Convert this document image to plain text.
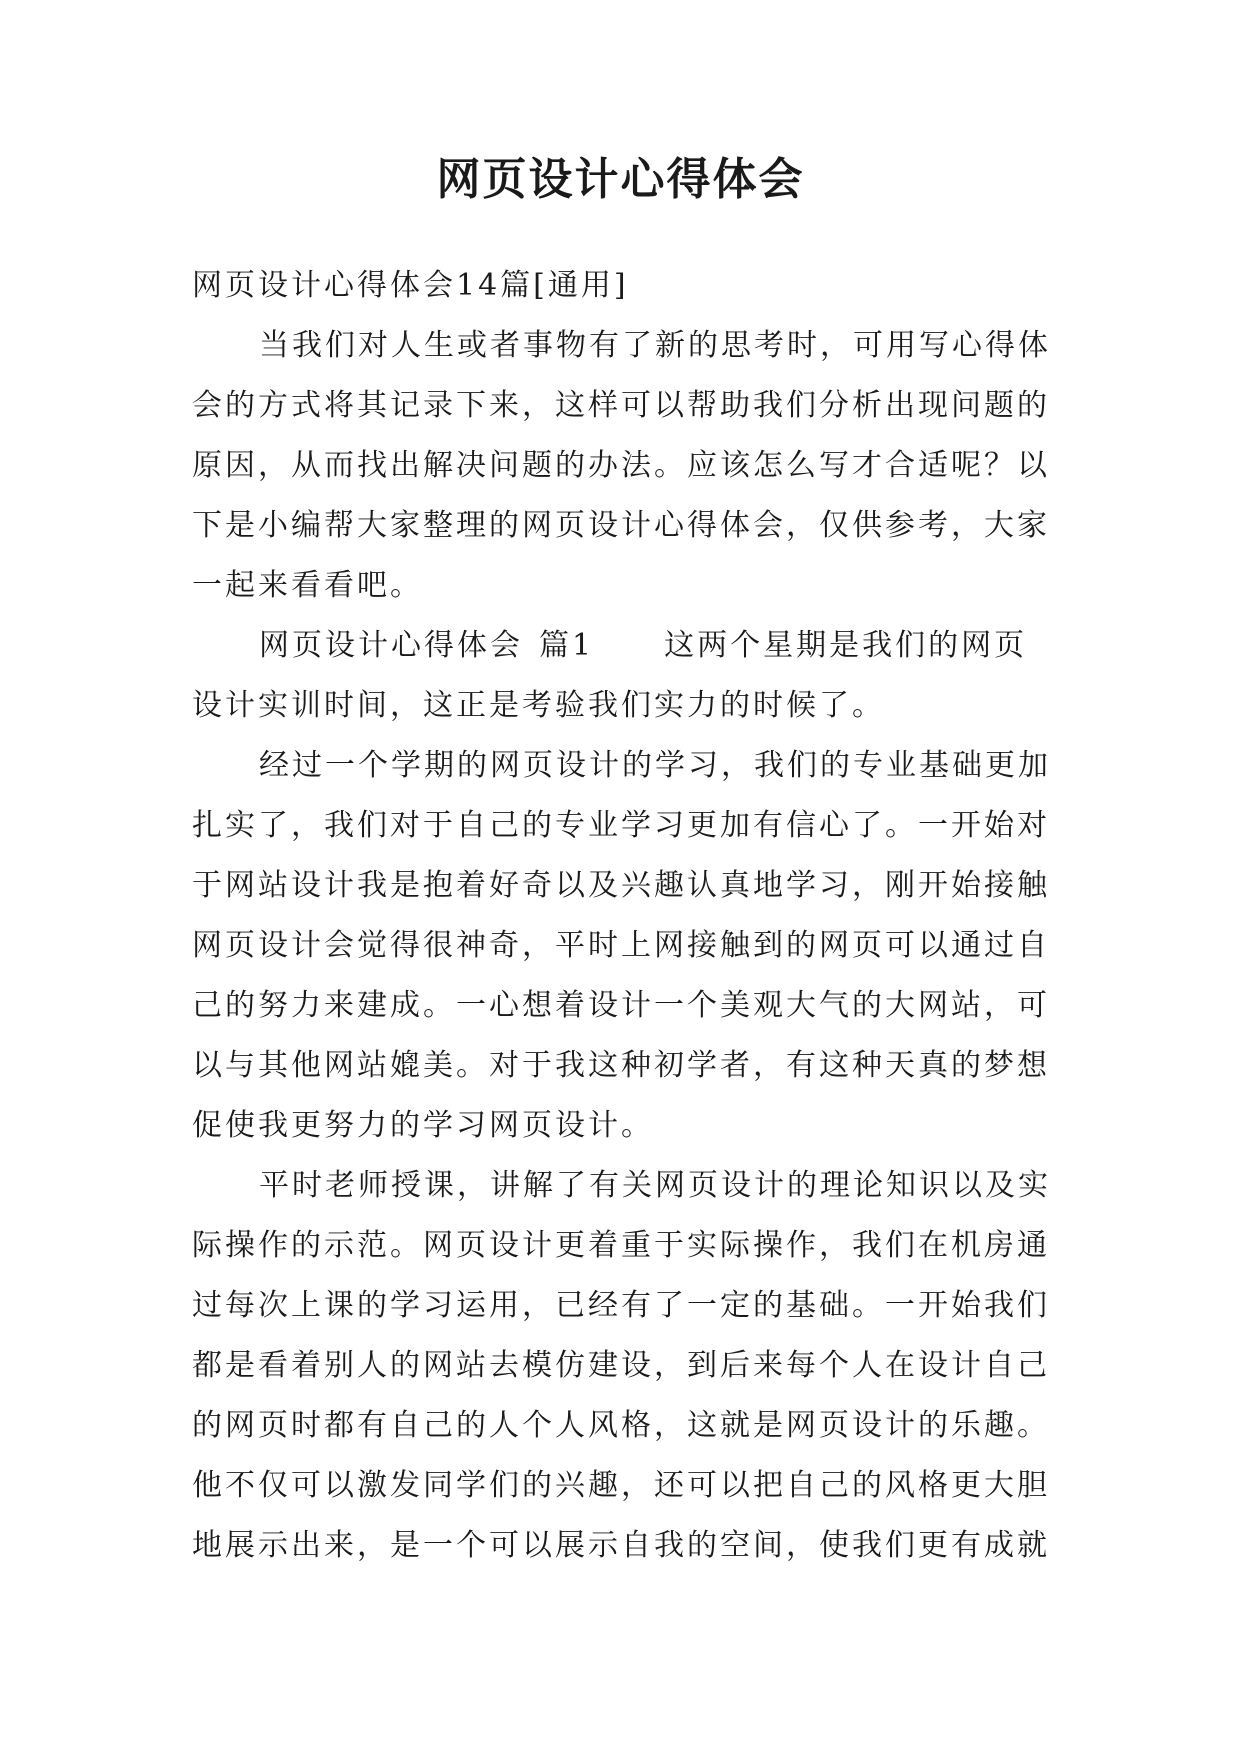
网页设计心得体会
网页设计心得体会14篇[通用]
当我们对人生或者事物有了新的思考时，可用写心得体
会的方式将其记录下来，这样可以帮助我们分析出现问题的
原因，从而找出解决问题的办法。应该怎么写才合适呢？以
下是小编帮大家整理的网页设计心得体会，仅供参考，大家
一起来看看吧。
网页设计心得体会 篇1 这两个星期是我们的网页
设计实训时间，这正是考验我们实力的时候了。
经过一个学期的网页设计的学习，我们的专业基础更加
扎实了，我们对于自己的专业学习更加有信心了。一开始对
于网站设计我是抱着好奇以及兴趣认真地学习，刚开始接触
网页设计会觉得很神奇，平时上网接触到的网页可以通过自
己的努力来建成。一心想着设计一个美观大气的大网站，可
以与其他网站媲美。对于我这种初学者，有这种天真的梦想
促使我更努力的学习网页设计。
平时老师授课，讲解了有关网页设计的理论知识以及实
际操作的示范。网页设计更着重于实际操作，我们在机房通
过每次上课的学习运用，已经有了一定的基础。一开始我们
都是看着别人的网站去模仿建设，到后来每个人在设计自己
的网页时都有自己的人个人风格，这就是网页设计的乐趣。
他不仅可以激发同学们的兴趣，还可以把自己的风格更大胆
地展示出来，是一个可以展示自我的空间，使我们更有成就
